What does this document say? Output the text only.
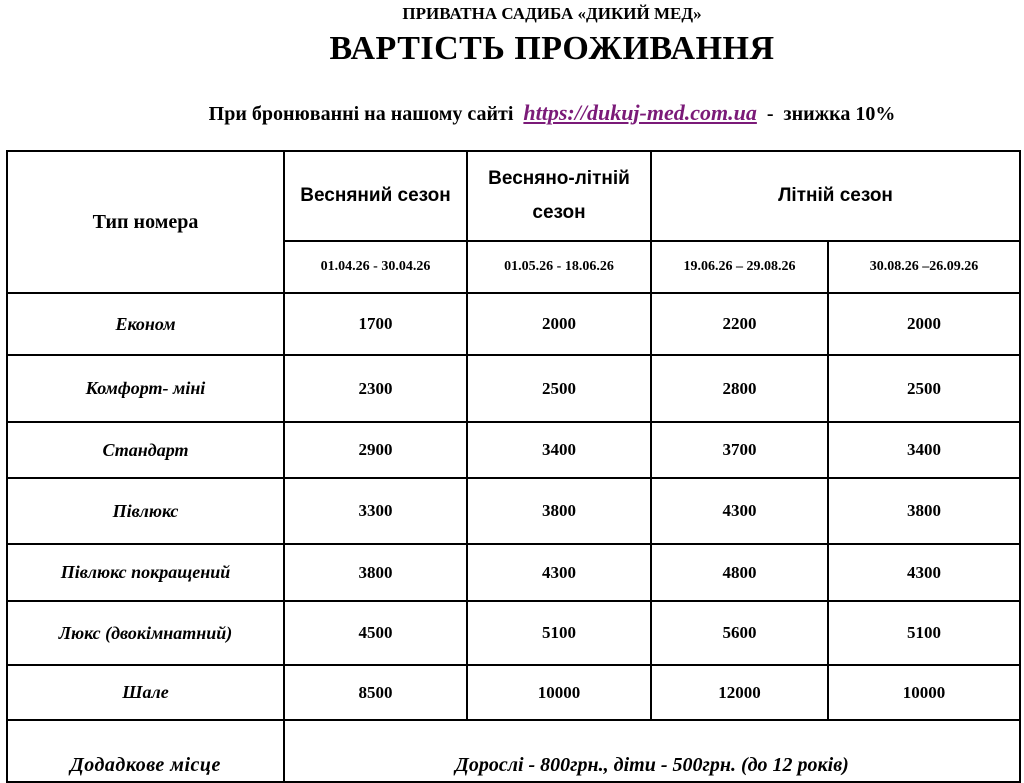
ПРИВАТНА САДИБА «ДИКИЙ МЕД»
ВАРТІСТЬ ПРОЖИВАННЯ
При бронюванні на нашому сайті https://dukuj-med.com.ua -  знижка 10%
Тип номера	Весняний сезон	Весняно-літній сезон	Літній сезон	
	01.04.26 - 30.04.26	01.05.26 - 18.06.26	19.06.26 – 29.08.26	30.08.26 –26.09.26
Економ	1700	2000	2200	2000
Комфорт- міні	2300	2500	2800	2500
Стандарт	2900	3400	3700	3400
Півлюкс	3300	3800	4300	3800
Півлюкс покращений	3800	4300	4800	4300
Люкс (двокімнатний)	4500	5100	5600	5100
Шале	8500	10000	12000	10000
Додадкове місце	Дорослі - 800грн., діти - 500грн. (до 12 років)			
